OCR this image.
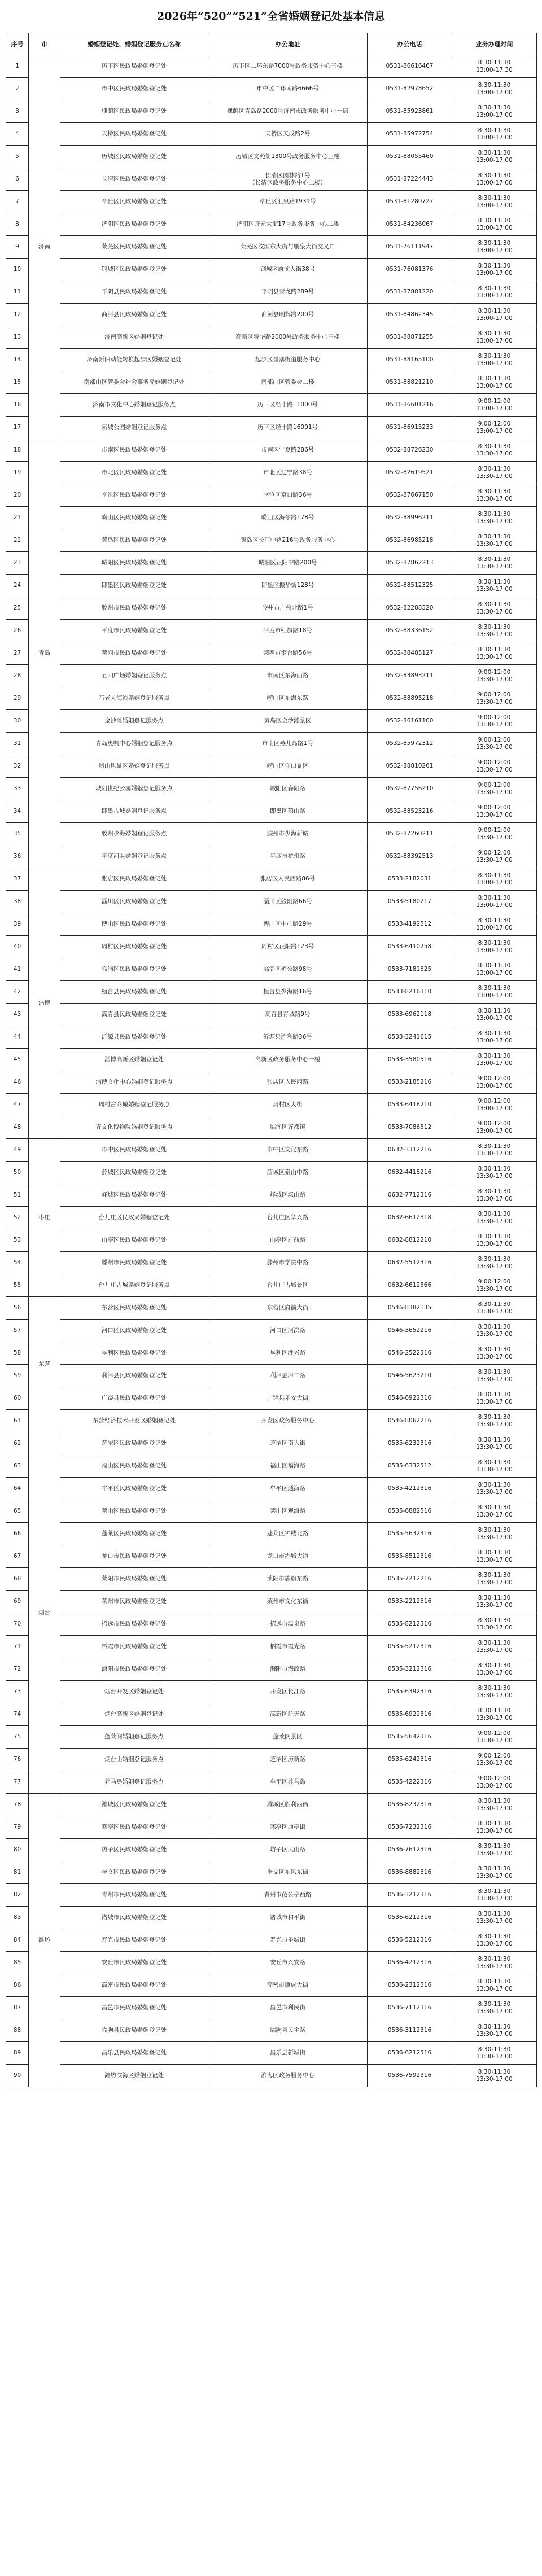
2026年“520”“521”全省婚姻登记处基本信息
序号	市	婚姻登记处、婚姻登记服务点名称	办公地址	办公电话	业务办理时间
1	济南	历下区民政局婚姻登记处	历下区二环东路7000号政务服务中心三楼	0531-86616467	8:30-11:30
13:00-17:30
2		市中区民政局婚姻登记处	市中区二环南路6666号	0531-82978652	8:30-11:30
13:00-17:00
3		槐荫区民政局婚姻登记处	槐荫区青岛路2000号济南市政务服务中心一层	0531-85923861	8:30-11:30
13:00-17:00
4		天桥区民政局婚姻登记处	天桥区天成路2号	0531-85972754	8:30-11:30
13:00-17:00
5		历城区民政局婚姻登记处	历城区文苑街1300号政务服务中心三楼	0531-88055460	8:30-11:30
13:00-17:00
6		长清区民政局婚姻登记处	长清区园林路1号
（长清区政务服务中心二楼）	0531-87224443	8:30-11:30
13:00-17:00
7		章丘区民政局婚姻登记处	章丘区汇泉路1939号	0531-81280727	8:30-11:30
13:00-17:00
8		济阳区民政局婚姻登记处	济阳区开元大街17号政务服务中心二楼	0531-84236067	8:30-11:30
13:00-17:00
9		莱芜区民政局婚姻登记处	莱芜区汶源东大街与鹏泉大街交叉口	0531-76111947	8:30-11:30
13:00-17:00
10		钢城区民政局婚姻登记处	钢城区府前大街38号	0531-76081376	8:30-11:30
13:00-17:00
11		平阴县民政局婚姻登记处	平阴县青龙路289号	0531-87881220	8:30-11:30
13:00-17:00
12		商河县民政局婚姻登记处	商河县明辉路200号	0531-84862345	8:30-11:30
13:00-17:00
13		济南高新区婚姻登记处	高新区舜华路2000号政务服务中心三楼	0531-88871255	8:30-11:30
13:00-17:00
14		济南新旧动能转换起步区婚姻登记处	起步区崔寨街道服务中心	0531-88165100	8:30-11:30
13:00-17:00
15		南部山区管委会社会事务局婚姻登记处	南部山区管委会二楼	0531-88821210	8:30-11:30
13:00-17:00
16		济南市文化中心婚姻登记服务点	历下区经十路11000号	0531-86601216	9:00-12:00
13:00-17:00
17		泉城公园婚姻登记服务点	历下区经十路16001号	0531-86915233	9:00-12:00
13:00-17:00
18	青岛	市南区民政局婚姻登记处	市南区宁夏路286号	0532-88726230	8:30-11:30
13:30-17:00
19		市北区民政局婚姻登记处	市北区辽宁路38号	0532-82619521	8:30-11:30
13:30-17:00
20		李沧区民政局婚姻登记处	李沧区京口路36号	0532-87667150	8:30-11:30
13:30-17:00
21		崂山区民政局婚姻登记处	崂山区海尔路178号	0532-88996211	8:30-11:30
13:30-17:00
22		黄岛区民政局婚姻登记处	黄岛区长江中路216号政务服务中心	0532-86985218	8:30-11:30
13:30-17:00
23		城阳区民政局婚姻登记处	城阳区正阳中路200号	0532-87862213	8:30-11:30
13:30-17:00
24		即墨区民政局婚姻登记处	即墨区振华街128号	0532-88512325	8:30-11:30
13:30-17:00
25		胶州市民政局婚姻登记处	胶州市广州北路1号	0532-82288320	8:30-11:30
13:30-17:00
26		平度市民政局婚姻登记处	平度市红旗路18号	0532-88336152	8:30-11:30
13:30-17:00
27		莱西市民政局婚姻登记处	莱西市烟台路56号	0532-88485127	8:30-11:30
13:30-17:00
28		五四广场婚姻登记服务点	市南区东海西路	0532-83893211	9:00-12:00
13:30-17:00
29		石老人海滨婚姻登记服务点	崂山区东海东路	0532-88895218	9:00-12:00
13:30-17:00
30		金沙滩婚姻登记服务点	黄岛区金沙滩景区	0532-86161100	9:00-12:00
13:30-17:00
31		青岛奥帆中心婚姻登记服务点	市南区燕儿岛路1号	0532-85972312	9:00-12:00
13:30-17:00
32		崂山风景区婚姻登记服务点	崂山区仰口景区	0532-88810261	9:00-12:00
13:30-17:00
33		城阳世纪公园婚姻登记服务点	城阳区春阳路	0532-87756210	9:00-12:00
13:30-17:00
34		即墨古城婚姻登记服务点	即墨区鹤山路	0532-88523216	9:00-12:00
13:30-17:00
35		胶州少海婚姻登记服务点	胶州市少海新城	0532-87260211	9:00-12:00
13:30-17:00
36		平度河头婚姻登记服务点	平度市杭州路	0532-88392513	9:00-12:00
13:30-17:00
37	淄博	张店区民政局婚姻登记处	张店区人民西路86号	0533-2182031	8:30-11:30
13:00-17:00
38		淄川区民政局婚姻登记处	淄川区般阳路66号	0533-5180217	8:30-11:30
13:00-17:00
39		博山区民政局婚姻登记处	博山区中心路29号	0533-4192512	8:30-11:30
13:00-17:00
40		周村区民政局婚姻登记处	周村区正阳路123号	0533-6410258	8:30-11:30
13:00-17:00
41		临淄区民政局婚姻登记处	临淄区桓公路98号	0533-7181625	8:30-11:30
13:00-17:00
42		桓台县民政局婚姻登记处	桓台县少海路16号	0533-8216310	8:30-11:30
13:00-17:00
43		高青县民政局婚姻登记处	高青县青城路9号	0533-6962118	8:30-11:30
13:00-17:00
44		沂源县民政局婚姻登记处	沂源县胜利路36号	0533-3241615	8:30-11:30
13:00-17:00
45		淄博高新区婚姻登记处	高新区政务服务中心一楼	0533-3580516	8:30-11:30
13:00-17:00
46		淄博文化中心婚姻登记服务点	张店区人民西路	0533-2185216	9:00-12:00
13:00-17:00
47		周村古商城婚姻登记服务点	周村区大街	0533-6418210	9:00-12:00
13:00-17:00
48		齐文化博物院婚姻登记服务点	临淄区齐都镇	0533-7086512	9:00-12:00
13:00-17:00
49	枣庄	市中区民政局婚姻登记处	市中区文化东路	0632-3312216	8:30-11:30
13:30-17:00
50		薛城区民政局婚姻登记处	薛城区泰山中路	0632-4418216	8:30-11:30
13:30-17:00
51		峄城区民政局婚姻登记处	峄城区坛山路	0632-7712316	8:30-11:30
13:30-17:00
52		台儿庄区民政局婚姻登记处	台儿庄区华兴路	0632-6612318	8:30-11:30
13:30-17:00
53		山亭区民政局婚姻登记处	山亭区府前路	0632-8812210	8:30-11:30
13:30-17:00
54		滕州市民政局婚姻登记处	滕州市学院中路	0632-5512316	8:30-11:30
13:30-17:00
55		台儿庄古城婚姻登记服务点	台儿庄古城景区	0632-6612566	9:00-12:00
13:30-17:00
56	东营	东营区民政局婚姻登记处	东营区府前大街	0546-8382135	8:30-11:30
13:30-17:00
57		河口区民政局婚姻登记处	河口区河滨路	0546-3652216	8:30-11:30
13:30-17:00
58		垦利区民政局婚姻登记处	垦利区胜兴路	0546-2522316	8:30-11:30
13:30-17:00
59		利津县民政局婚姻登记处	利津县津二路	0546-5623210	8:30-11:30
13:30-17:00
60		广饶县民政局婚姻登记处	广饶县乐安大街	0546-6922316	8:30-11:30
13:30-17:00
61		东营经济技术开发区婚姻登记处	开发区政务服务中心	0546-8062216	8:30-11:30
13:30-17:00
62	烟台	芝罘区民政局婚姻登记处	芝罘区南大街	0535-6232316	8:30-11:30
13:30-17:00
63		福山区民政局婚姻登记处	福山区福海路	0535-6332512	8:30-11:30
13:30-17:00
64		牟平区民政局婚姻登记处	牟平区通海路	0535-4212316	8:30-11:30
13:30-17:00
65		莱山区民政局婚姻登记处	莱山区观海路	0535-6882516	8:30-11:30
13:30-17:00
66		蓬莱区民政局婚姻登记处	蓬莱区钟楼北路	0535-5632316	8:30-11:30
13:30-17:00
67		龙口市民政局婚姻登记处	龙口市港城大道	0535-8512316	8:30-11:30
13:30-17:00
68		莱阳市民政局婚姻登记处	莱阳市旌旗东路	0535-7212216	8:30-11:30
13:30-17:00
69		莱州市民政局婚姻登记处	莱州市文化东街	0535-2212516	8:30-11:30
13:30-17:00
70		招远市民政局婚姻登记处	招远市温泉路	0535-8212316	8:30-11:30
13:30-17:00
71		栖霞市民政局婚姻登记处	栖霞市霞光路	0535-5212316	8:30-11:30
13:30-17:00
72		海阳市民政局婚姻登记处	海阳市海政路	0535-3212316	8:30-11:30
13:30-17:00
73		烟台开发区婚姻登记处	开发区长江路	0535-6392316	8:30-11:30
13:30-17:00
74		烟台高新区婚姻登记处	高新区航天路	0535-6922316	8:30-11:30
13:30-17:00
75		蓬莱阁婚姻登记服务点	蓬莱阁景区	0535-5642316	9:00-12:00
13:30-17:00
76		烟台山婚姻登记服务点	芝罘区历新路	0535-6242316	9:00-12:00
13:30-17:00
77		养马岛婚姻登记服务点	牟平区养马岛	0535-4222316	9:00-12:00
13:30-17:00
78	潍坊	潍城区民政局婚姻登记处	潍城区胜利西街	0536-8232316	8:30-11:30
13:30-17:00
79		寒亭区民政局婚姻登记处	寒亭区通亭街	0536-7232316	8:30-11:30
13:30-17:00
80		坊子区民政局婚姻登记处	坊子区凤山路	0536-7612316	8:30-11:30
13:30-17:00
81		奎文区民政局婚姻登记处	奎文区东风东街	0536-8882316	8:30-11:30
13:30-17:00
82		青州市民政局婚姻登记处	青州市范公亭西路	0536-3212316	8:30-11:30
13:30-17:00
83		诸城市民政局婚姻登记处	诸城市和平街	0536-6212316	8:30-11:30
13:30-17:00
84		寿光市民政局婚姻登记处	寿光市圣城街	0536-5212316	8:30-11:30
13:30-17:00
85		安丘市民政局婚姻登记处	安丘市兴安路	0536-4212316	8:30-11:30
13:30-17:00
86		高密市民政局婚姻登记处	高密市康成大街	0536-2312316	8:30-11:30
13:30-17:00
87		昌邑市民政局婚姻登记处	昌邑市利民街	0536-7112316	8:30-11:30
13:30-17:00
88		临朐县民政局婚姻登记处	临朐县民主路	0536-3112316	8:30-11:30
13:30-17:00
89		昌乐县民政局婚姻登记处	昌乐县新城街	0536-6212516	8:30-11:30
13:30-17:00
90		潍坊滨海区婚姻登记处	滨海区政务服务中心	0536-7592316	8:30-11:30
13:30-17:00
